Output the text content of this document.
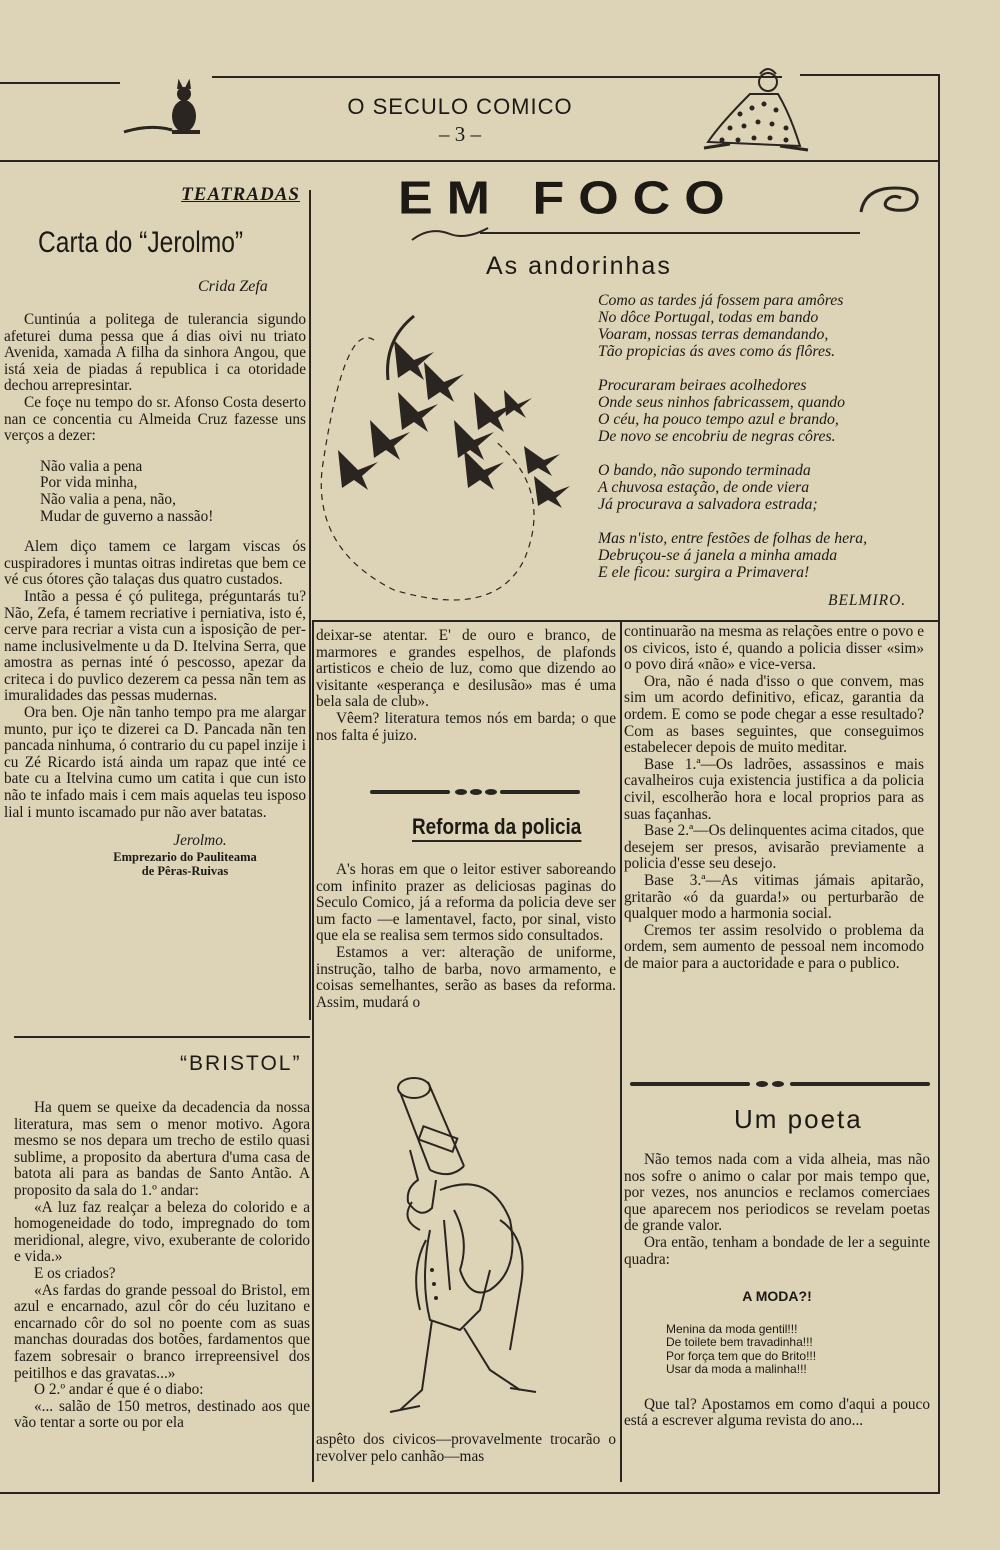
O SECULO COMICO
– 3 –
TEATRADAS
Carta do “Jerolmo”
Crida Zefa

Cuntinúa a politega de tulerancia sigundo afeturei duma pessa que á dias oivi nu triato Avenida, xamada A filha da sinhora Angou, que istá xeia de piadas á republica i ca otoridade dechou arrepresintar.

Ce foçe nu tempo do sr. Afonso Costa deserto nan ce concentia cu Almeida Cruz fazesse uns verços a dezer:

Não valia a pena

Por vida minha,

Não valia a pena, não,

Mudar de guverno a nassão!

Alem diço tamem ce largam viscas ós cuspiradores i muntas oitras indiretas que bem ce vé cus ótores ção talaças dus quatro custados.

Intão a pessa é çó pulitega, préguntarás tu? Não, Zefa, é tamem recriative i perniativa, isto é, cerve para recriar a vista cun a isposição de pername inclusivelmente u da D. Itelvina Serra, que amostra as pernas inté ó pescosso, apezar da criteca i do puvlico dezerem ca pessa nãn tem as imuralidades das pessas mudernas.

Ora ben. Oje nãn tanho tempo pra me alargar munto, pur iço te dizerei ca D. Pancada nãn ten pancada ninhuma, ó contrario du cu papel inzije i cu Zé Ricardo istá ainda um rapaz que inté ce bate cu a Itelvina cumo um catita i que cun isto não te infado mais i cem mais aquelas teu isposo lial i munto iscamado pur não aver batatas.

Jerolmo.

Emprezario do Pauliteama

de Pêras-Ruivas

“BRISTOL”

Ha quem se queixe da decadencia da nossa literatura, mas sem o menor motivo. Agora mesmo se nos depara um trecho de estilo quasi sublime, a proposito da abertura d'uma casa de batota ali para as bandas de Santo Antão. A proposito da sala do 1.º andar:

«A luz faz realçar a beleza do colorido e a homogeneidade do todo, impregnado do tom meridional, alegre, vivo, exuberante de colorido e vida.»

E os criados?

«As fardas do grande pessoal do Bristol, em azul e encarnado, azul côr do céu luzitano e encarnado côr do sol no poente com as suas manchas douradas dos botões, fardamentos que fazem sobresair o branco irrepreensivel dos peitilhos e das gravatas...»

O 2.º andar é que é o diabo:

«... salão de 150 metros, destinado aos que vão tentar a sorte ou por ela

EM FOCO
As andorinhas
Como as tardes já fossem para amôres
No dôce Portugal, todas em bando
Voaram, nossas terras demandando,
Tão propicias ás aves como ás flôres.
Procuraram beiraes acolhedores
Onde seus ninhos fabricassem, quando
O céu, ha pouco tempo azul e brando,
De novo se encobriu de negras côres.
O bando, não supondo terminada
A chuvosa estação, de onde viera
Já procurava a salvadora estrada;
Mas n'isto, entre festões de folhas de hera,
Debruçou-se á janela a minha amada
E ele ficou: surgira a Primavera!
BELMIRO.

deixar-se atentar. E' de ouro e branco, de marmores e grandes espelhos, de plafonds artisticos e cheio de luz, como que dizendo ao visitante «esperança e desilusão» mas é uma bela sala de club».

Vêem? literatura temos nós em barda; o que nos falta é juizo.

Reforma da policia

A's horas em que o leitor estiver saboreando com infinito prazer as deliciosas paginas do Seculo Comico, já a reforma da policia deve ser um facto —e lamentavel, facto, por sinal, visto que ela se realisa sem termos sido consultados.

Estamos a ver: alteração de uniforme, instrução, talho de barba, novo armamento, e coisas semelhantes, serão as bases da reforma. Assim, mudará o

aspêto dos civicos—provavelmente trocarão o revolver pelo canhão—mas

continuarão na mesma as relações entre o povo e os civicos, isto é, quando a policia disser «sim» o povo dirá «não» e vice-versa.

Ora, não é nada d'isso o que convem, mas sim um acordo definitivo, eficaz, garantia da ordem. E como se pode chegar a esse resultado? Com as bases seguintes, que conseguimos estabelecer depois de muito meditar.

Base 1.ª—Os ladrões, assassinos e mais cavalheiros cuja existencia justifica a da policia civil, escolherão hora e local proprios para as suas façanhas.

Base 2.ª—Os delinquentes acima citados, que desejem ser presos, avisarão previamente a policia d'esse seu desejo.

Base 3.ª—As vitimas jámais apitarão, gritarão «ó da guarda!» ou perturbarão de qualquer modo a harmonia social.

Cremos ter assim resolvido o problema da ordem, sem aumento de pessoal nem incomodo de maior para a auctoridade e para o publico.

Um poeta

Não temos nada com a vida alheia, mas não nos sofre o animo o calar por mais tempo que, por vezes, nos anuncios e reclamos comerciaes que aparecem nos periodicos se revelam poetas de grande valor.

Ora então, tenham a bondade de ler a seguinte quadra:

A MODA?!

Menina da moda gentil!!!
De toilete bem travadinha!!!
Por força tem que do Brito!!!
Usar da moda a malinha!!!

Que tal? Apostamos em como d'aqui a pouco está a escrever alguma revista do ano...
